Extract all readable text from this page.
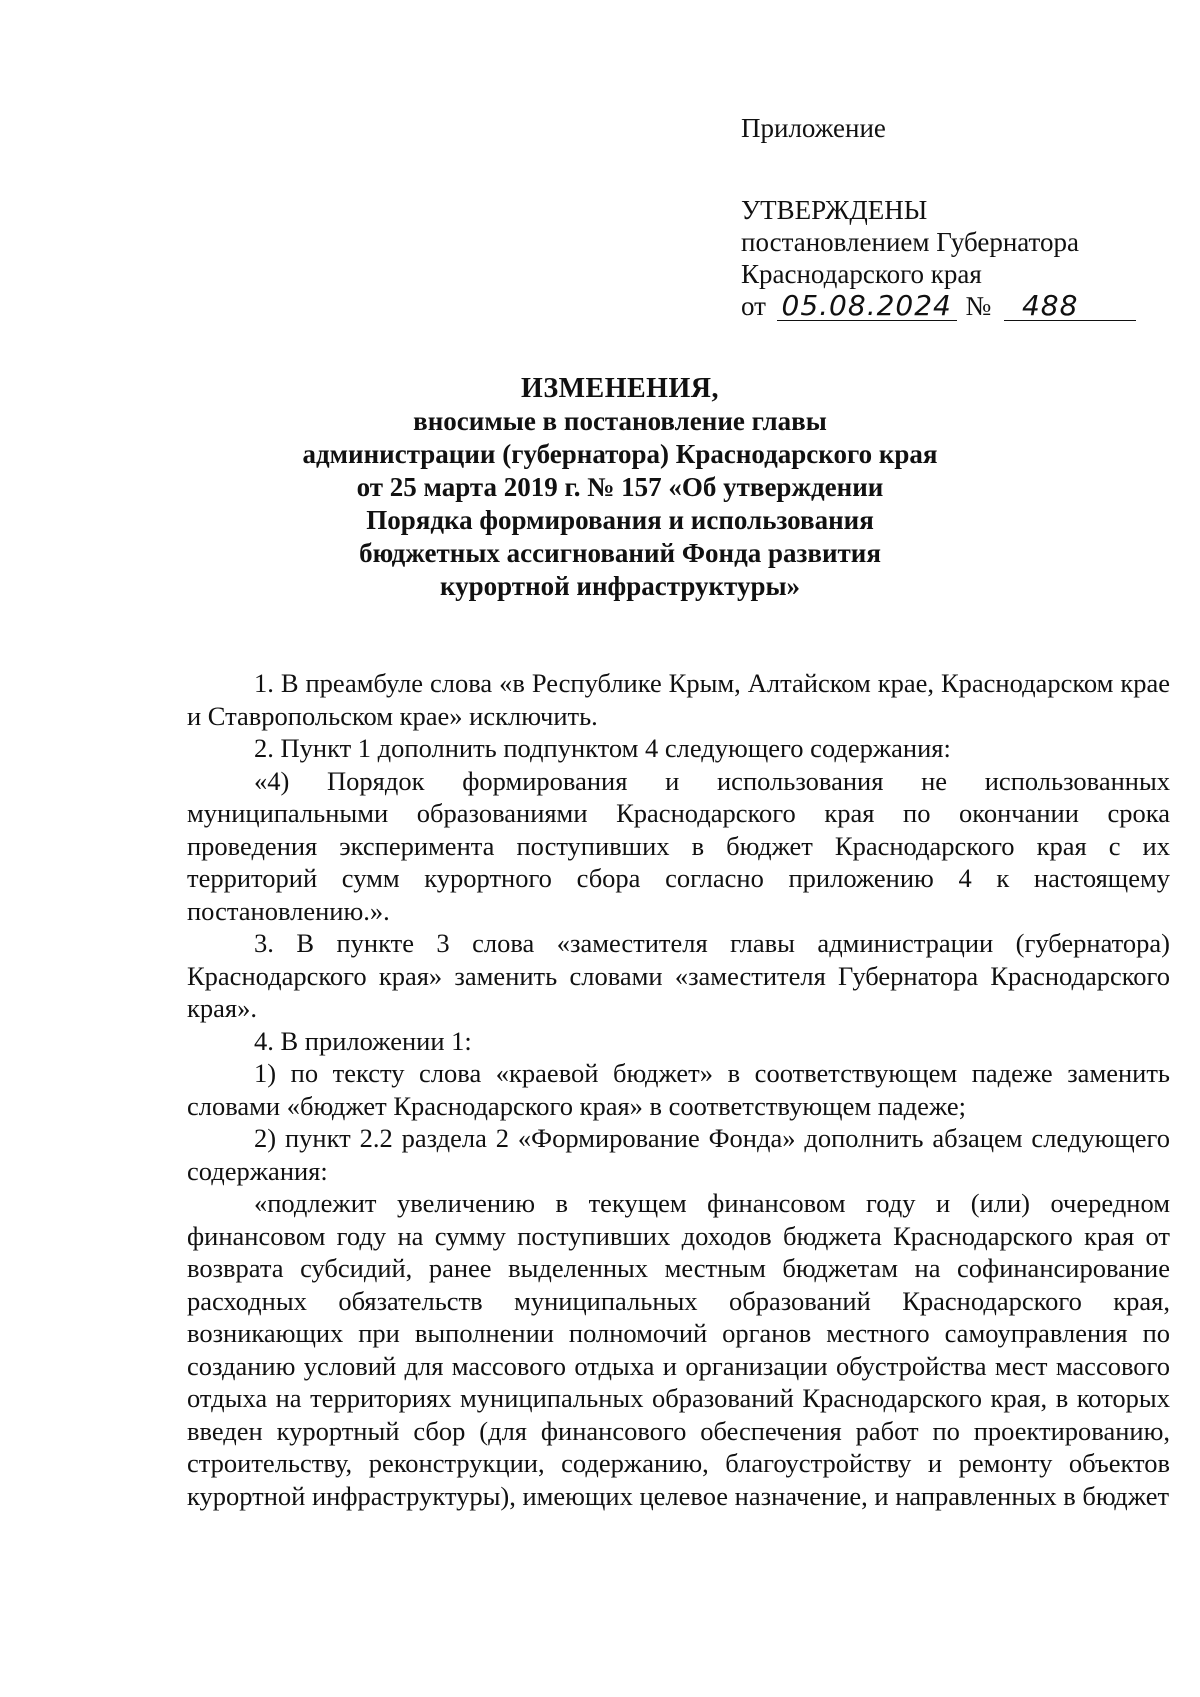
Приложение
УТВЕРЖДЕНЫ
постановлением Губернатора
Краснодарского края
от 05.08.2024 № 488
ИЗМЕНЕНИЯ,
вносимые в постановление главы
администрации (губернатора) Краснодарского края
от 25 марта 2019 г. № 157 «Об утверждении
Порядка формирования и использования
бюджетных ассигнований Фонда развития
курортной инфраструктуры»

1. В преамбуле слова «в Республике Крым, Алтайском крае, Краснодарском крае и Ставропольском крае» исключить.

2. Пункт 1 дополнить подпунктом 4 следующего содержания:

«4) Порядок формирования и использования не использованных муниципальными образованиями Краснодарского края по окончании срока проведения эксперимента поступивших в бюджет Краснодарского края с их территорий сумм курортного сбора согласно приложению 4 к настоящему постановлению.».

3. В пункте 3 слова «заместителя главы администрации (губернатора) Краснодарского края» заменить словами «заместителя Губернатора Краснодарского края».

4. В приложении 1:

1) по тексту слова «краевой бюджет» в соответствующем падеже заменить словами «бюджет Краснодарского края» в соответствующем падеже;

2) пункт 2.2 раздела 2 «Формирование Фонда» дополнить абзацем следующего содержания:

«подлежит увеличению в текущем финансовом году и (или) очередном финансовом году на сумму поступивших доходов бюджета Краснодарского края от возврата субсидий, ранее выделенных местным бюджетам на софинансирование расходных обязательств муниципальных образований Краснодарского края, возникающих при выполнении полномочий органов местного самоуправления по созданию условий для массового отдыха и организации обустройства мест массового отдыха на территориях муниципальных образований Краснодарского края, в которых введен курортный сбор (для финансового обеспечения работ по проектированию, строительству, реконструкции, содержанию, благоустройству и ремонту объектов курортной инфраструктуры), имеющих целевое назначение, и направленных в бюджет
